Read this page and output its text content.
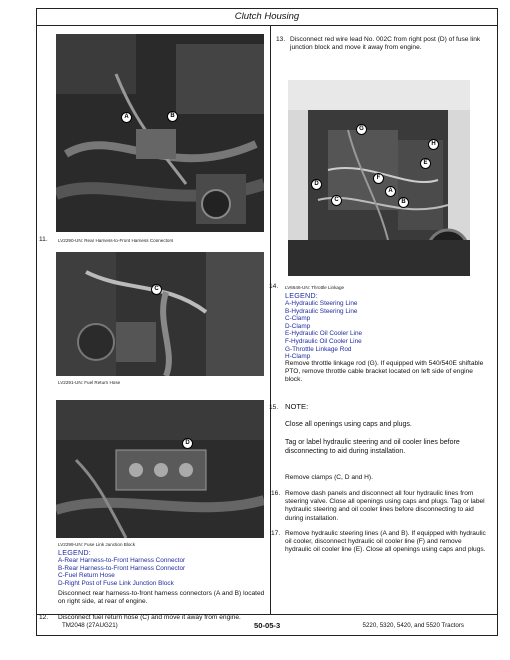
Clutch Housing
A	B
11. LV2290-UN: Rear Harness-to-Front Harness Connectors
C
LV2291-UN: Fuel Return Hose
D
LV2299-UN: Fuse Link Junction Block
LEGEND:
A-Rear Harness-to-Front Harness Connector
B-Rear Harness-to-Front Harness Connector
C-Fuel Return Hose
D-Right Post of Fuse Link Junction Block
Disconnect rear harness-to-front harness connectors (A and B) located on right side, at rear of engine.
12. Disconnect fuel return hose (C) and move it away from engine.
13. Disconnect red wire lead No. 002C from right post (D) of fuse link junction block and move it away from engine.
G
H
E
D
F
A
C	B
14. LV6646-UN: Throttle Linkage
LEGEND:
A-Hydraulic Steering Line
B-Hydraulic Steering Line
C-Clamp
D-Clamp
E-Hydraulic Oil Cooler Line
F-Hydraulic Oil Cooler Line
G-Throttle Linkage Rod
H-Clamp
Remove throttle linkage rod (G). If equipped with 540/540E shiftable PTO, remove throttle cable bracket located on left side of engine block.
15. NOTE:
Close all openings using caps and plugs.
Tag or label hydraulic steering and oil cooler lines before disconnecting to aid during installation.
Remove clamps (C, D and H).
16. Remove dash panels and disconnect all four hydraulic lines from steering valve. Close all openings using caps and plugs. Tag or label hydraulic steering and oil cooler lines before disconnecting to aid during installation.
17. Remove hydraulic steering lines (A and B). If equipped with hydraulic oil cooler, disconnect hydraulic oil cooler line (F) and remove hydraulic oil cooler line (E). Close all openings using caps and plugs.
TM2048 (27AUG21)	50-05-3	5220, 5320, 5420, and 5520 Tractors
